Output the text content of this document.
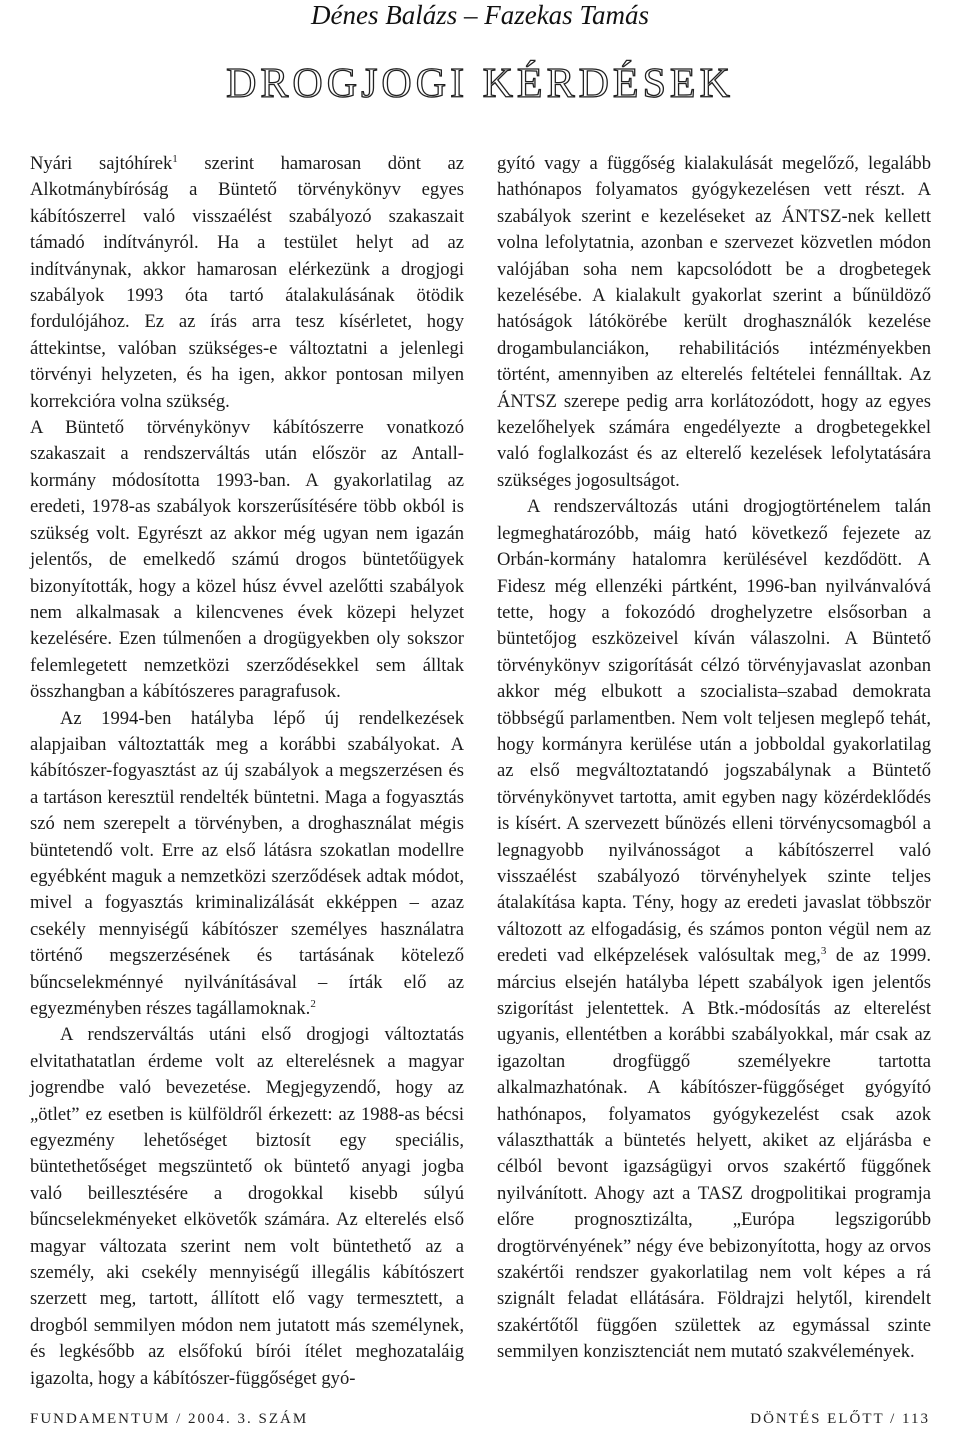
Dénes Balázs – Fazekas Tamás
DROGJOGI KÉRDÉSEK

Nyári sajtóhírek$^1$ szerint hamarosan dönt az Alkotmánybíróság a Büntető törvénykönyv egyes kábítószerrel való visszaélést szabályozó szakaszait támadó indítványról. Ha a testület helyt ad az indítványnak, akkor hamarosan elérkezünk a drogjogi szabályok 1993 óta tartó átalakulásának ötödik fordulójához. Ez az írás arra tesz kísérletet, hogy áttekintse, valóban szükséges-e változtatni a jelenlegi törvényi helyzeten, és ha igen, akkor pontosan milyen korrekcióra volna szükség.

A Büntető törvénykönyv kábítószerre vonatkozó szakaszait a rendszerváltás után először az Antall-kormány módosította 1993-ban. A gyakorlatilag az eredeti, 1978-as szabályok korszerűsítésére több okból is szükség volt. Egyrészt az akkor még ugyan nem igazán jelentős, de emelkedő számú drogos büntetőügyek bizonyították, hogy a közel húsz évvel azelőtti szabályok nem alkalmasak a kilencvenes évek közepi helyzet kezelésére. Ezen túlmenően a drogügyekben oly sokszor felemlegetett nemzetközi szerződésekkel sem álltak összhangban a kábítószeres paragrafusok.

Az 1994-ben hatályba lépő új rendelkezések alapjaiban változtatták meg a korábbi szabályokat. A kábítószer-fogyasztást az új szabályok a megszerzésen és a tartáson keresztül rendelték büntetni. Maga a fogyasztás szó nem szerepelt a törvényben, a droghasználat mégis büntetendő volt. Erre az első látásra szokatlan modellre egyébként maguk a nemzetközi szerződések adtak módot, mivel a fogyasztás kriminalizálását ekképpen – azaz csekély mennyiségű kábítószer személyes használatra történő megszerzésének és tartásának kötelező bűncselekménnyé nyilvánításával – írták elő az egyezményben részes tagállamoknak.$^2$

A rendszerváltás utáni első drogjogi változtatás elvitathatatlan érdeme volt az elterelésnek a magyar jogrendbe való bevezetése. Megjegyzendő, hogy az „ötlet” ez esetben is külföldről érkezett: az 1988-as bécsi egyezmény lehetőséget biztosít egy speciális, büntethetőséget megszüntető ok büntető anyagi jogba való beillesztésére a drogokkal kisebb súlyú bűncselekményeket elkövetők számára. Az elterelés első magyar változata szerint nem volt büntethető az a személy, aki csekély mennyiségű illegális kábítószert szerzett meg, tartott, állított elő vagy termesztett, a drogból semmilyen módon nem jutatott más személynek, és legkésőbb az elsőfokú bírói ítélet meghozataláig igazolta, hogy a kábítószer-függőséget gyó-

gyító vagy a függőség kialakulását megelőző, legalább hathónapos folyamatos gyógykezelésen vett részt. A szabályok szerint e kezeléseket az ÁNTSZ-nek kellett volna lefolytatnia, azonban e szervezet közvetlen módon valójában soha nem kapcsolódott be a drogbetegek kezelésébe. A kialakult gyakorlat szerint a bűnüldöző hatóságok látókörébe került droghasználók kezelése drogambulanciákon, rehabilitációs intézményekben történt, amennyiben az elterelés feltételei fennálltak. Az ÁNTSZ szerepe pedig arra korlátozódott, hogy az egyes kezelőhelyek számára engedélyezte a drogbetegekkel való foglalkozást és az elterelő kezelések lefolytatására szükséges jogosultságot.

A rendszerváltozás utáni drogjogtörténelem talán legmeghatározóbb, máig ható következő fejezete az Orbán-kormány hatalomra kerülésével kezdődött. A Fidesz még ellenzéki pártként, 1996-ban nyilvánvalóvá tette, hogy a fokozódó droghelyzetre elsősorban a büntetőjog eszközeivel kíván válaszolni. A Büntető törvénykönyv szigorítását célzó törvényjavaslat azonban akkor még elbukott a szocialista–szabad demokrata többségű parlamentben. Nem volt teljesen meglepő tehát, hogy kormányra kerülése után a jobboldal gyakorlatilag az első megváltoztatandó jogszabálynak a Büntető törvénykönyvet tartotta, amit egyben nagy közérdeklődés is kísért. A szervezett bűnözés elleni törvénycsomagból a legnagyobb nyilvánosságot a kábítószerrel való visszaélést szabályozó törvényhelyek szinte teljes átalakítása kapta. Tény, hogy az eredeti javaslat többször változott az elfogadásig, és számos ponton végül nem az eredeti vad elképzelések valósultak meg,$^3$ de az 1999. március elsején hatályba lépett szabályok igen jelentős szigorítást jelentettek. A Btk.-módosítás az elterelést ugyanis, ellentétben a korábbi szabályokkal, már csak az igazoltan drogfüggő személyekre tartotta alkalmazhatónak. A kábítószer-függőséget gyógyító hathónapos, folyamatos gyógykezelést csak azok választhatták a büntetés helyett, akiket az eljárásba e célból bevont igazságügyi orvos szakértő függőnek nyilvánított. Ahogy azt a TASZ drogpolitikai programja előre prognosztizálta, „Európa legszigorúbb drogtörvényének” négy éve bebizonyította, hogy az orvos szakértői rendszer gyakorlatilag nem volt képes a rá szignált feladat ellátására. Földrajzi helytől, kirendelt szakértőtől függően születtek az egymással szinte semmilyen konzisztenciát nem mutató szakvélemények.

FUNDAMENTUM / 2004. 3. SZÁM	DÖNTÉS ELŐTT / 113
